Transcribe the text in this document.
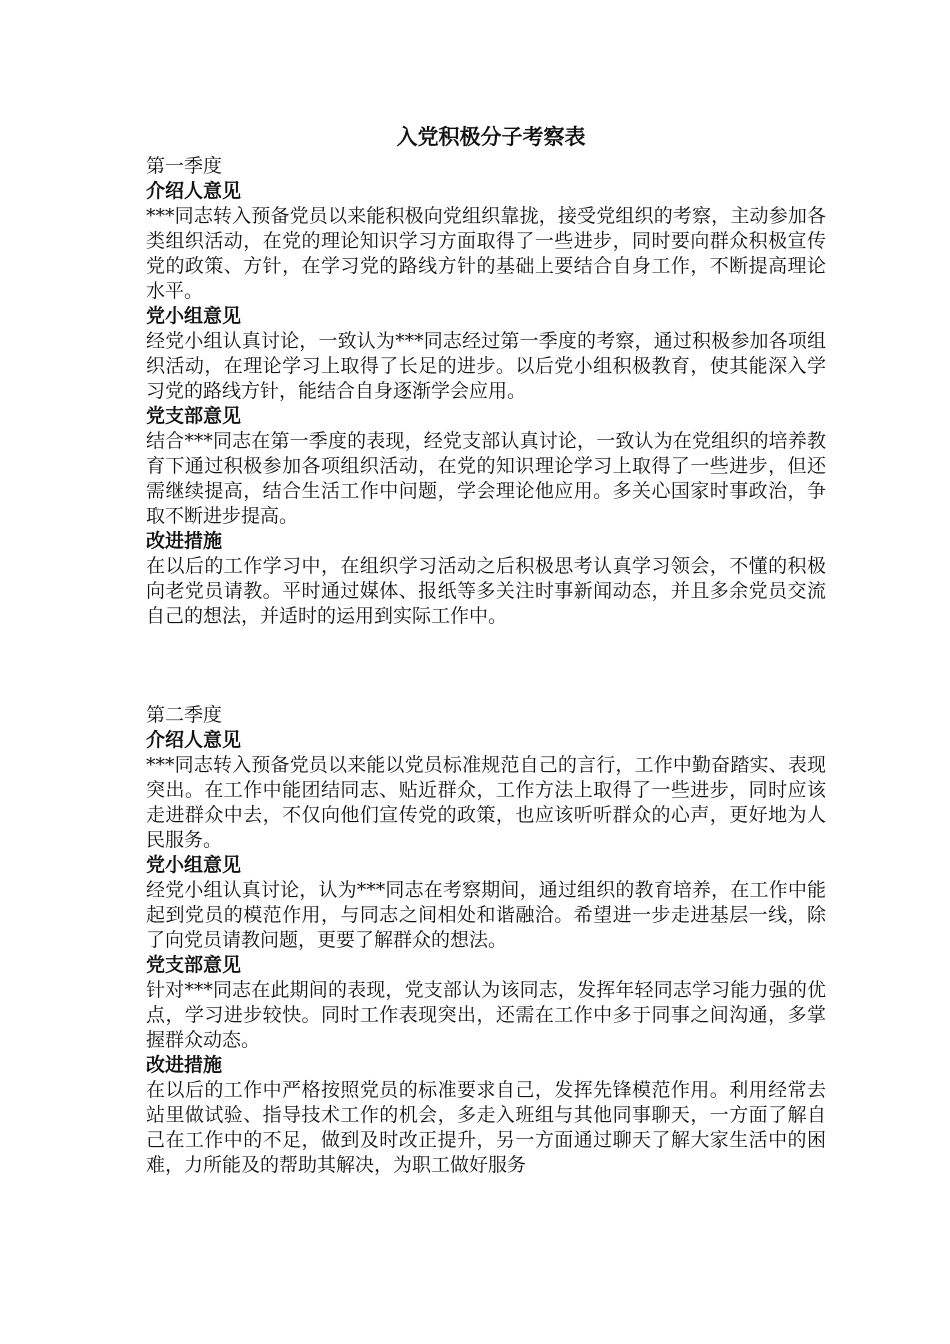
入党积极分子考察表

第一季度

介绍人意见

***同志转入预备党员以来能积极向党组织靠拢，接受党组织的考察，主动参加各类组织活动，在党的理论知识学习方面取得了一些进步，同时要向群众积极宣传党的政策、方针，在学习党的路线方针的基础上要结合自身工作，不断提高理论水平。

党小组意见

经党小组认真讨论，一致认为***同志经过第一季度的考察，通过积极参加各项组织活动，在理论学习上取得了长足的进步。以后党小组积极教育，使其能深入学习党的路线方针，能结合自身逐渐学会应用。

党支部意见

结合***同志在第一季度的表现，经党支部认真讨论，一致认为在党组织的培养教育下通过积极参加各项组织活动，在党的知识理论学习上取得了一些进步，但还需继续提高，结合生活工作中问题，学会理论他应用。多关心国家时事政治，争取不断进步提高。

改进措施

在以后的工作学习中，在组织学习活动之后积极思考认真学习领会，不懂的积极向老党员请教。平时通过媒体、报纸等多关注时事新闻动态，并且多余党员交流自己的想法，并适时的运用到实际工作中。

第二季度

介绍人意见

***同志转入预备党员以来能以党员标准规范自己的言行，工作中勤奋踏实、表现突出。在工作中能团结同志、贴近群众，工作方法上取得了一些进步，同时应该走进群众中去，不仅向他们宣传党的政策，也应该听听群众的心声，更好地为人民服务。

党小组意见

经党小组认真讨论，认为***同志在考察期间，通过组织的教育培养，在工作中能起到党员的模范作用，与同志之间相处和谐融洽。希望进一步走进基层一线，除了向党员请教问题，更要了解群众的想法。

党支部意见

针对***同志在此期间的表现，党支部认为该同志，发挥年轻同志学习能力强的优点，学习进步较快。同时工作表现突出，还需在工作中多于同事之间沟通，多掌握群众动态。

改进措施

在以后的工作中严格按照党员的标准要求自己，发挥先锋模范作用。利用经常去站里做试验、指导技术工作的机会，多走入班组与其他同事聊天，一方面了解自己在工作中的不足，做到及时改正提升，另一方面通过聊天了解大家生活中的困难，力所能及的帮助其解决，为职工做好服务
